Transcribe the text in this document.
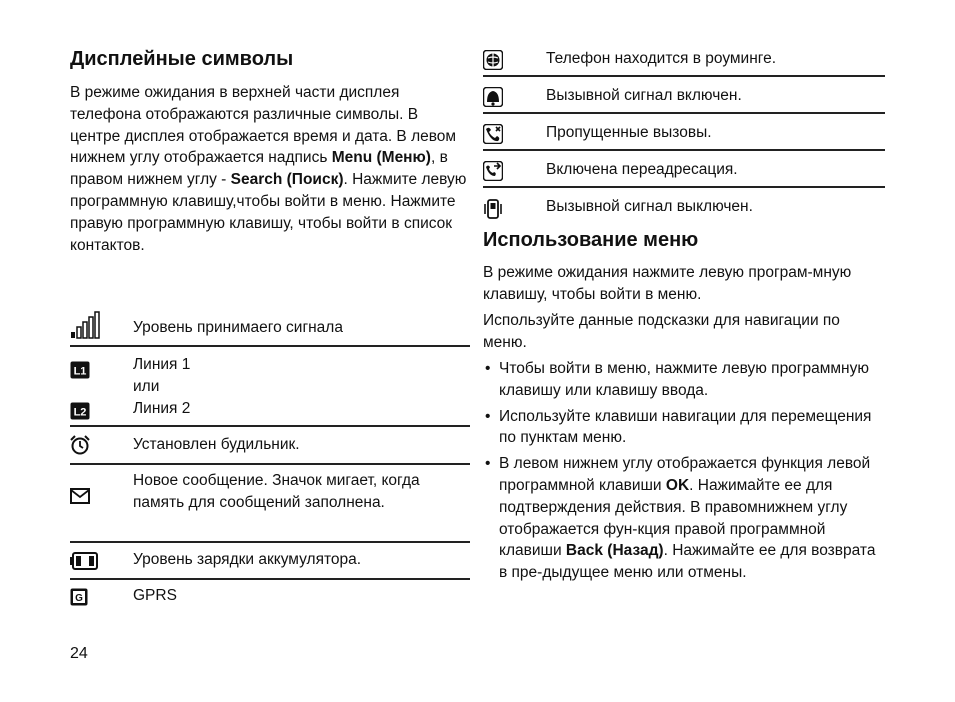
Дисплейные символы

В режиме ожидания в верхней части дисплея телефона отображаются различные символы. В центре дисплея отображается время и дата. В левом нижнем углу отображается надпись Menu (Меню), в правом нижнем углу - Search (Поиск). Нажмите левую программную клавишу,чтобы войти в меню. Нажмите правую программную клавишу, чтобы войти в список контактов.

Уровень принимаего сигнала
L1
L2
Линия 1
или
Линия 2
Установлен будильник.
Новое сообщение. Значок мигает, когда память для сообщений заполнена.
Уровень зарядки аккумулятора.
G	GPRS
Телефон находится в роуминге.
Вызывной сигнал включен.
Пропущенные вызовы.
Включена переадресация.
Вызывной сигнал выключен.
Использование меню

В режиме ожидания нажмите левую програм-мную клавишу, чтобы войти в меню.

Используйте данные подсказки для навигации по меню.

• Чтобы войти в меню, нажмите левую программную клавишу или клавишу ввода.
• Используйте клавиши навигации для перемещения по пунктам меню.
• В левом нижнем углу отображается функция левой программной клавиши OK. Нажимайте ее для подтверждения действия. В правомнижнем углу отображается фун-кция правой программной клавиши Back (Назад). Нажимайте ее для возврата в пре-дыдущее меню или отмены.
24
